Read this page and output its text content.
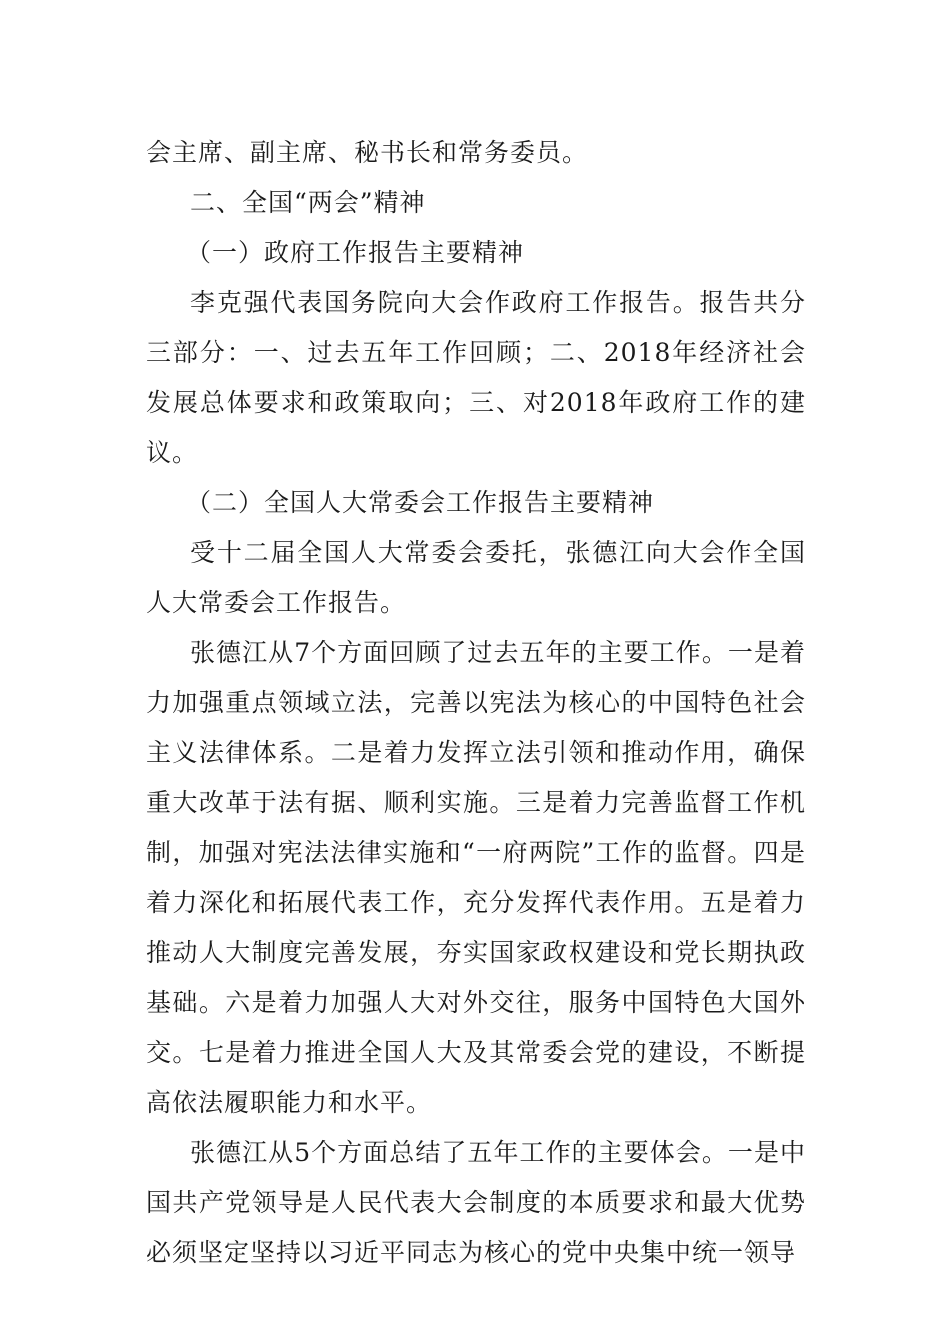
会主席、副主席、秘书长和常务委员。

二、全国“两会”精神

（一）政府工作报告主要精神

李克强代表国务院向大会作政府工作报告。报告共分三部分：一、过去五年工作回顾；二、2018年经济社会发展总体要求和政策取向；三、对2018年政府工作的建议。

（二）全国人大常委会工作报告主要精神

受十二届全国人大常委会委托，张德江向大会作全国人大常委会工作报告。

张德江从7个方面回顾了过去五年的主要工作。一是着力加强重点领域立法，完善以宪法为核心的中国特色社会主义法律体系。二是着力发挥立法引领和推动作用，确保重大改革于法有据、顺利实施。三是着力完善监督工作机制，加强对宪法法律实施和“一府两院”工作的监督。四是着力深化和拓展代表工作，充分发挥代表作用。五是着力推动人大制度完善发展，夯实国家政权建设和党长期执政基础。六是着力加强人大对外交往，服务中国特色大国外交。七是着力推进全国人大及其常委会党的建设，不断提高依法履职能力和水平。

张德江从5个方面总结了五年工作的主要体会。一是中国共产党领导是人民代表大会制度的本质要求和最大优势必须坚定坚持以习近平同志为核心的党中央集中统一领导
